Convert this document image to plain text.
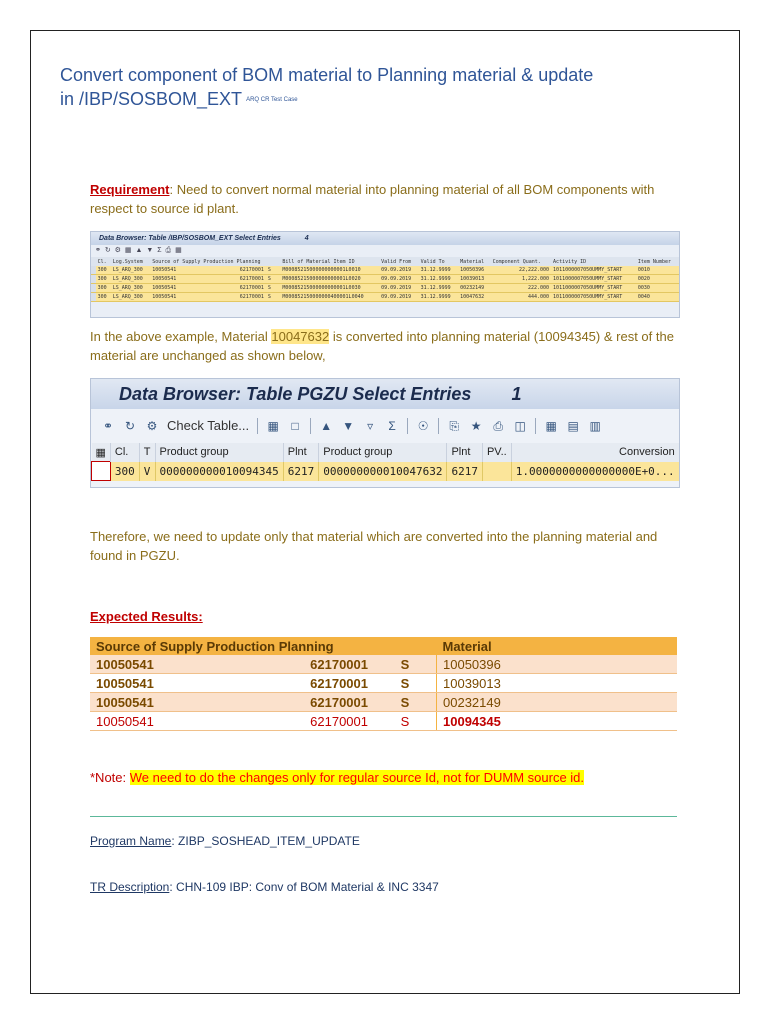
Convert component of BOM material to Planning material & update
in /IBP/SOSBOM_EXT ARQ CR Test Case
Requirement: Need to convert normal material into planning material of all BOM components with respect to source id plant.
Data Browser: Table /IBP/SOSBOM_EXT Select Entries	4
⚭ ↻ ⚙ ▦ ▲ ▼ Σ ⎙ ▦
	Cl.	Log.System	Source of Supply Production Planning			Bill of Material Item ID	Valid From	Valid To	Material	Component Quant.	Activity ID	Item Number
	300	LS_ARQ_300	10050541	62170001	S	M00085215000000000001L0010	09.09.2019	31.12.9999	10050396	22,222.000	1011000007050UMMY_START	0010
	300	LS_ARQ_300	10050541	62170001	S	M00085215000000000001L0020	09.09.2019	31.12.9999	10039013	1,222.000	1011000007050UMMY_START	0020
	300	LS_ARQ_300	10050541	62170001	S	M00085215000000000001L0030	09.09.2019	31.12.9999	00232149	222.000	1011000007050UMMY_START	0030
	300	LS_ARQ_300	10050541	62170001	S	M000852150000000400001L0040	09.09.2019	31.12.9999	10047632	444.000	1011000007050UMMY_START	0040
In the above example, Material 10047632 is converted into planning material (10094345) & rest of the material are unchanged as shown below,
Data Browser: Table PGZU Select Entries 1
⚭ ↻ ⚙ Check Table... ▦ □ ▲ ▼	▿	Σ ☉ ⎘ ★ ⎙ ◫ ▦ ▤ ▥
▦	Cl.	T	Product group	Plnt	Product group	Plnt	PV..	Conversion
	300	V	000000000010094345	6217	000000000010047632	6217		1.0000000000000000E+0...
Therefore, we need to update only that material which are converted into the planning material and found in PGZU.
Expected Results:
Source of Supply Production Planning			Material
10050541	62170001	S	10050396
10050541	62170001	S	10039013
10050541	62170001	S	00232149
10050541	62170001	S	10094345
*Note: We need to do the changes only for regular source Id, not for DUMM source id.
Program Name: ZIBP_SOSHEAD_ITEM_UPDATE
TR Description: CHN-109 IBP: Conv of BOM Material & INC 3347
